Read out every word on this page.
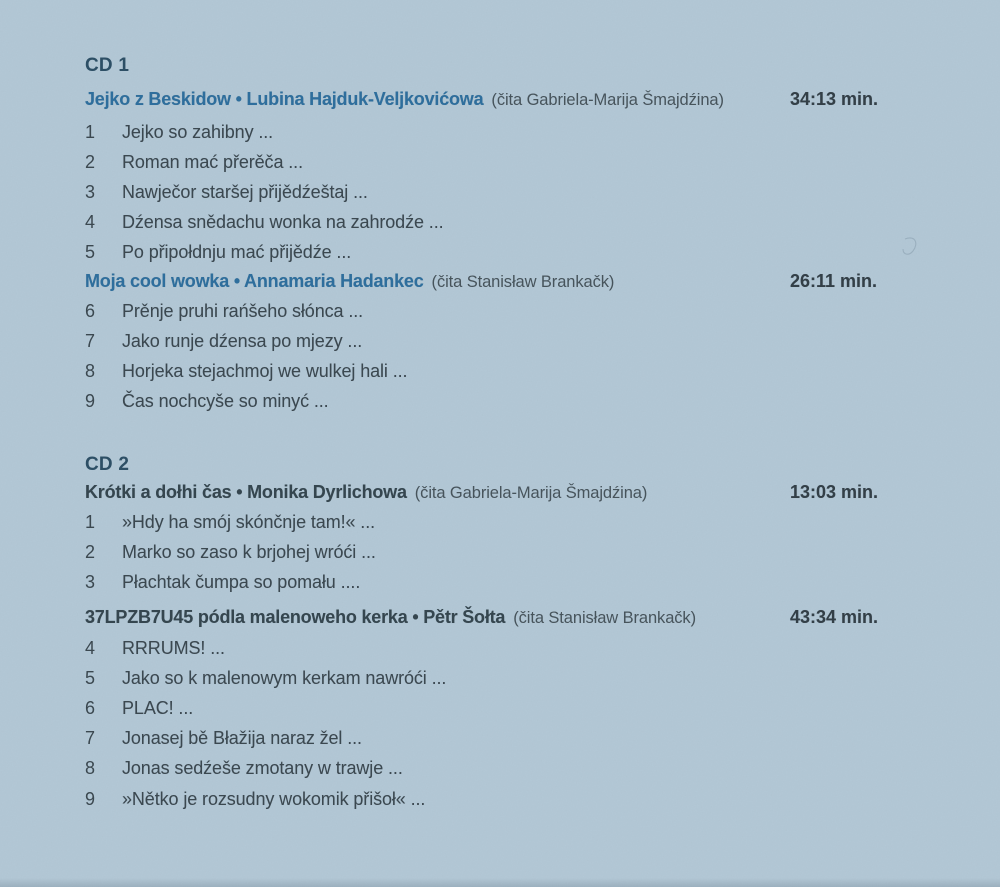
CD 1
Jejko z Beskidow • Lubina Hajduk-Veljkovićowa (čita Gabriela-Marija Šmajdźina)	34:13 min.
1 Jejko so zahibny ...
2 Roman mać přerěča ...
3 Nawječor staršej přijědźeštaj ...
4 Dźensa snědachu wonka na zahrodźe ...
5 Po připołdnju mać přijědźe ...
Moja cool wowka • Annamaria Hadankec (čita Stanisław Brankačk)	26:11 min.
6 Prěnje pruhi rańšeho słónca ...
7 Jako runje dźensa po mjezy ...
8 Horjeka stejachmoj we wulkej hali ...
9 Čas nochcyše so minyć ...
CD 2
Krótki a dołhi čas • Monika Dyrlichowa (čita Gabriela-Marija Šmajdźina)	13:03 min.
1 »Hdy ha smój skónčnje tam!« ...
2 Marko so zaso k brjohej wróći ...
3 Płachtak čumpa so pomału ....
37LPZB7U45 pódla malenoweho kerka • Pětr Šołta (čita Stanisław Brankačk)	43:34 min.
4 RRRUMS! ...
5 Jako so k malenowym kerkam nawróći ...
6 PLAC! ...
7 Jonasej bě Błažija naraz žel ...
8 Jonas sedźeše zmotany w trawje ...
9 »Nětko je rozsudny wokomik přišoł« ...
